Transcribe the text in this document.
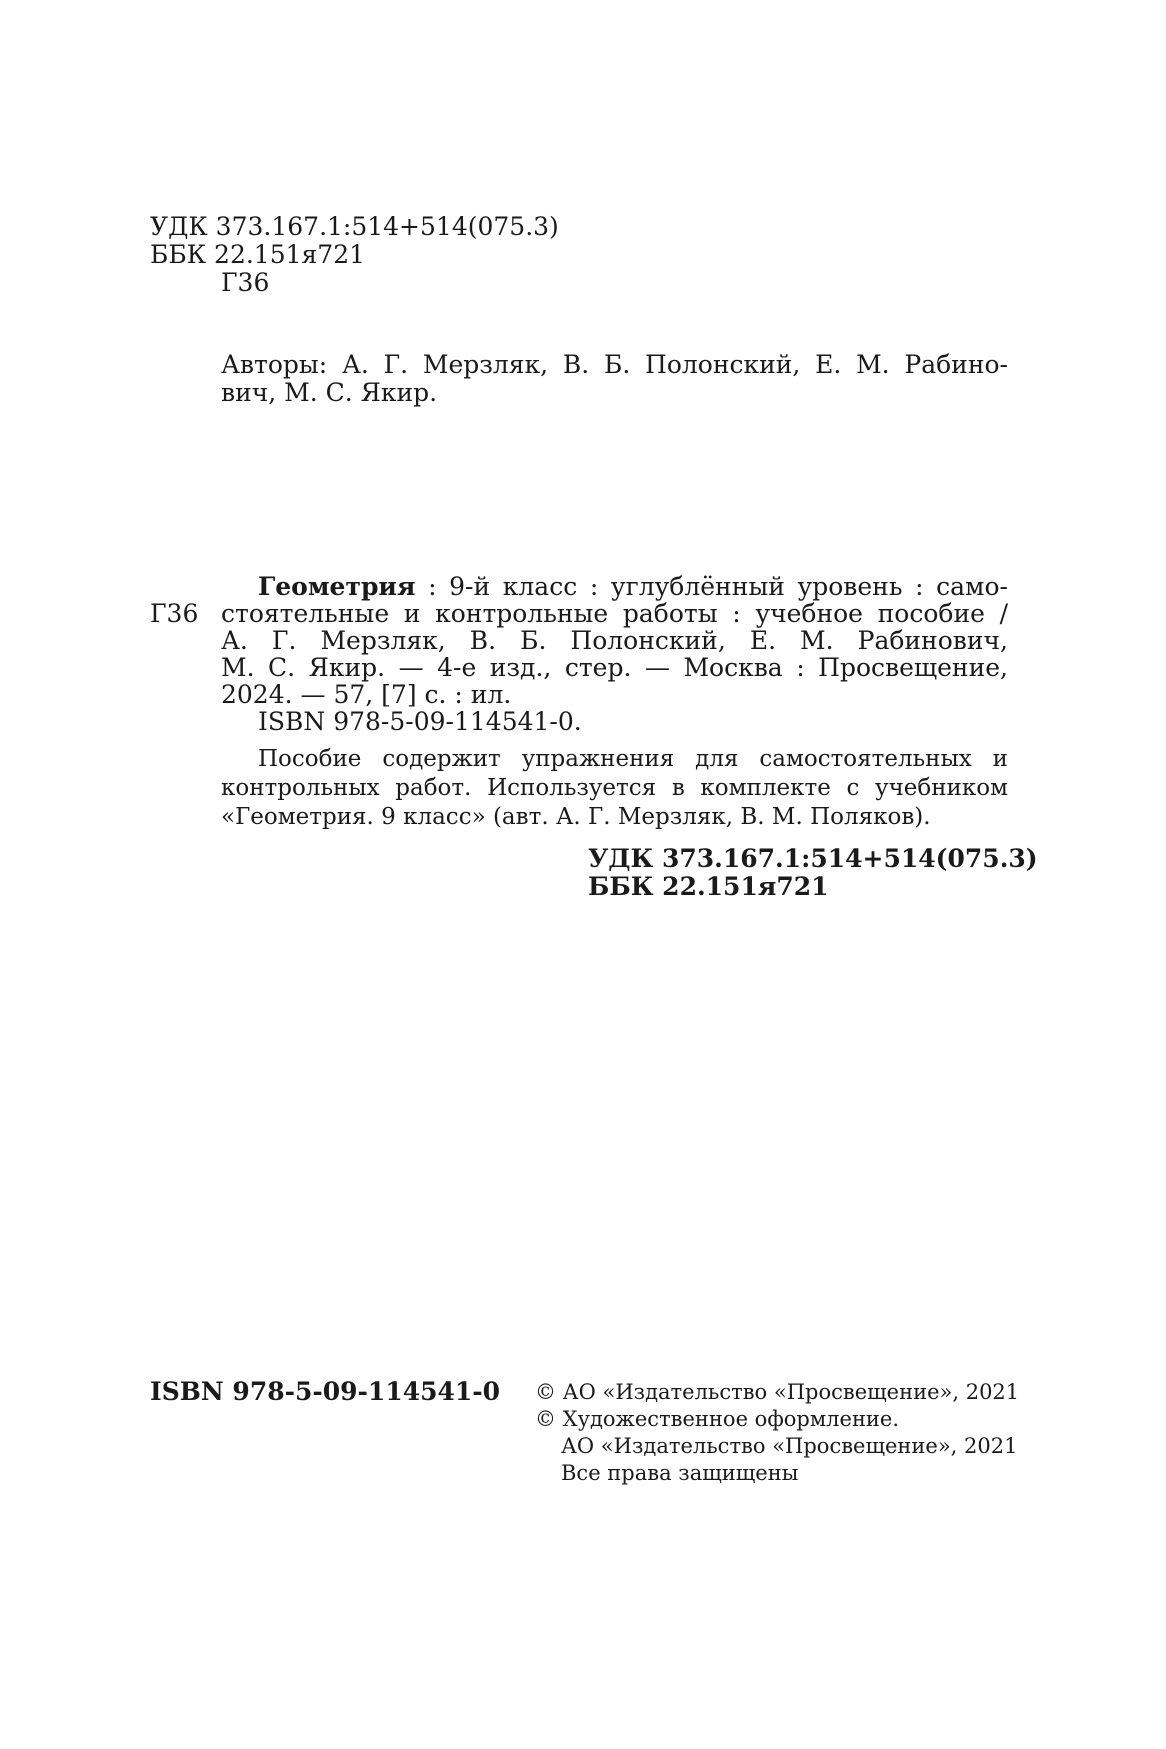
УДК 373.167.1:514+514(075.3)
ББК 22.151я721
Г36
Авторы: А. Г. Мерзляк, В. Б. Полонский, Е. М. Рабино-
вич, М. С. Якир.
Г36
Геометрия : 9-й класс : углублённый уровень : само-
стоятельные и контрольные работы : учебное пособие /
А. Г. Мерзляк, В. Б. Полонский, Е. М. Рабинович,
М. С. Якир. — 4-е изд., стер. — Москва : Просвещение,
2024. — 57, [7] с. : ил.
ISBN 978-5-09-114541-0.
Пособие содержит упражнения для самостоятельных и
контрольных работ. Используется в комплекте с учебником
«Геометрия. 9 класс» (авт. А. Г. Мерзляк, В. М. Поляков).
УДК 373.167.1:514+514(075.3)
ББК 22.151я721
ISBN 978-5-09-114541-0 © АО «Издательство «Просвещение», 2021
© Художественное оформление.
АО «Издательство «Просвещение», 2021
Все права защищены
